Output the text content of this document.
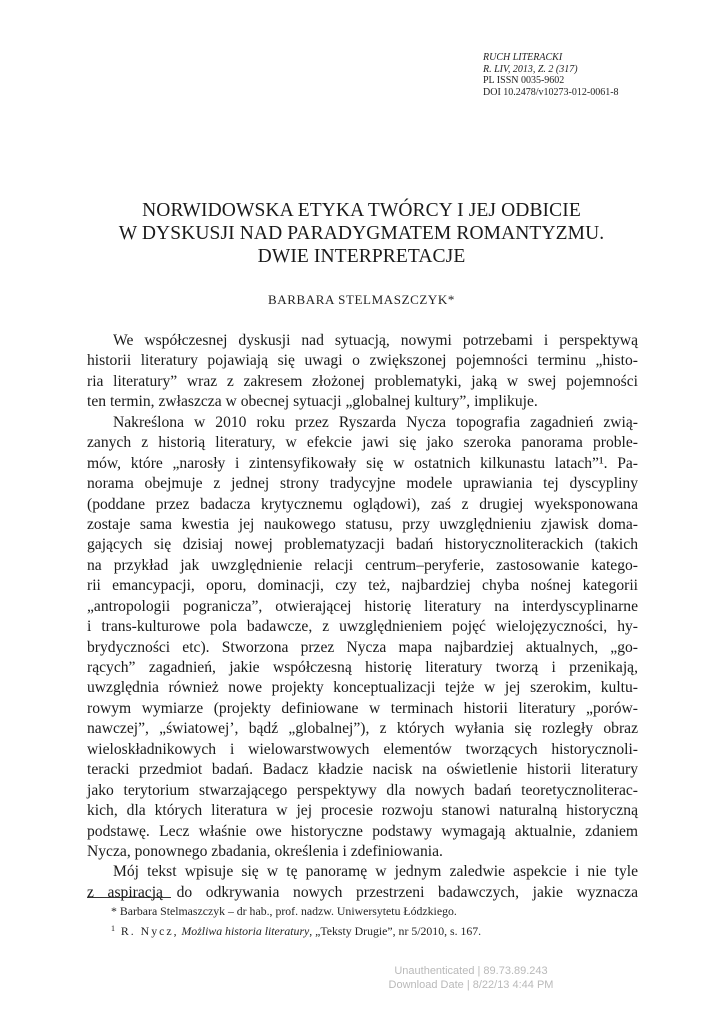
RUCH LITERACKI
R. LIV, 2013, Z. 2 (317)
PL ISSN 0035-9602
DOI 10.2478/v10273-012-0061-8
NORWIDOWSKA ETYKA TWÓRCY I JEJ ODBICIE
W DYSKUSJI NAD PARADYGMATEM ROMANTYZMU.
DWIE INTERPRETACJE
BARBARA STELMASZCZYK*
We współczesnej dyskusji nad sytuacją, nowymi potrzebami i perspektywą
historii literatury pojawiają się uwagi o zwiększonej pojemności terminu „histo-
ria literatury” wraz z zakresem złożonej problematyki, jaką w swej pojemności
ten termin, zwłaszcza w obecnej sytuacji „globalnej kultury”, implikuje.
Nakreślona w 2010 roku przez Ryszarda Nycza topografia zagadnień zwią-
zanych z historią literatury, w efekcie jawi się jako szeroka panorama proble-
mów, które „narosły i zintensyfikowały się w ostatnich kilkunastu latach”¹. Pa-
norama obejmuje z jednej strony tradycyjne modele uprawiania tej dyscypliny
(poddane przez badacza krytycznemu oglądowi), zaś z drugiej wyeksponowana
zostaje sama kwestia jej naukowego statusu, przy uwzględnieniu zjawisk doma-
gających się dzisiaj nowej problematyzacji badań historycznoliterackich (takich
na przykład jak uwzględnienie relacji centrum–peryferie, zastosowanie katego-
rii emancypacji, oporu, dominacji, czy też, najbardziej chyba nośnej kategorii
„antropologii pogranicza”, otwierającej historię literatury na interdyscyplinarne
i trans-kulturowe pola badawcze, z uwzględnieniem pojęć wielojęzyczności, hy-
brydyczności etc). Stworzona przez Nycza mapa najbardziej aktualnych, „go-
rących” zagadnień, jakie współczesną historię literatury tworzą i przenikają,
uwzględnia również nowe projekty konceptualizacji tejże w jej szerokim, kultu-
rowym wymiarze (projekty definiowane w terminach historii literatury „porów-
nawczej”, „światowej’, bądź „globalnej”), z których wyłania się rozległy obraz
wieloskładnikowych i wielowarstwowych elementów tworzących historycznoli-
teracki przedmiot badań. Badacz kładzie nacisk na oświetlenie historii literatury
jako terytorium stwarzającego perspektywy dla nowych badań teoretycznoliterac-
kich, dla których literatura w jej procesie rozwoju stanowi naturalną historyczną
podstawę. Lecz właśnie owe historyczne podstawy wymagają aktualnie, zdaniem
Nycza, ponownego zbadania, określenia i zdefiniowania.
Mój tekst wpisuje się w tę panoramę w jednym zaledwie aspekcie i nie tyle
z aspiracją do odkrywania nowych przestrzeni badawczych, jakie wyznacza
* Barbara Stelmaszczyk – dr hab., prof. nadzw. Uniwersytetu Łódzkiego.
$^1$ R. Nycz, Możliwa historia literatury, „Teksty Drugie”, nr 5/2010, s. 167.
Unauthenticated | 89.73.89.243
Download Date | 8/22/13 4:44 PM
